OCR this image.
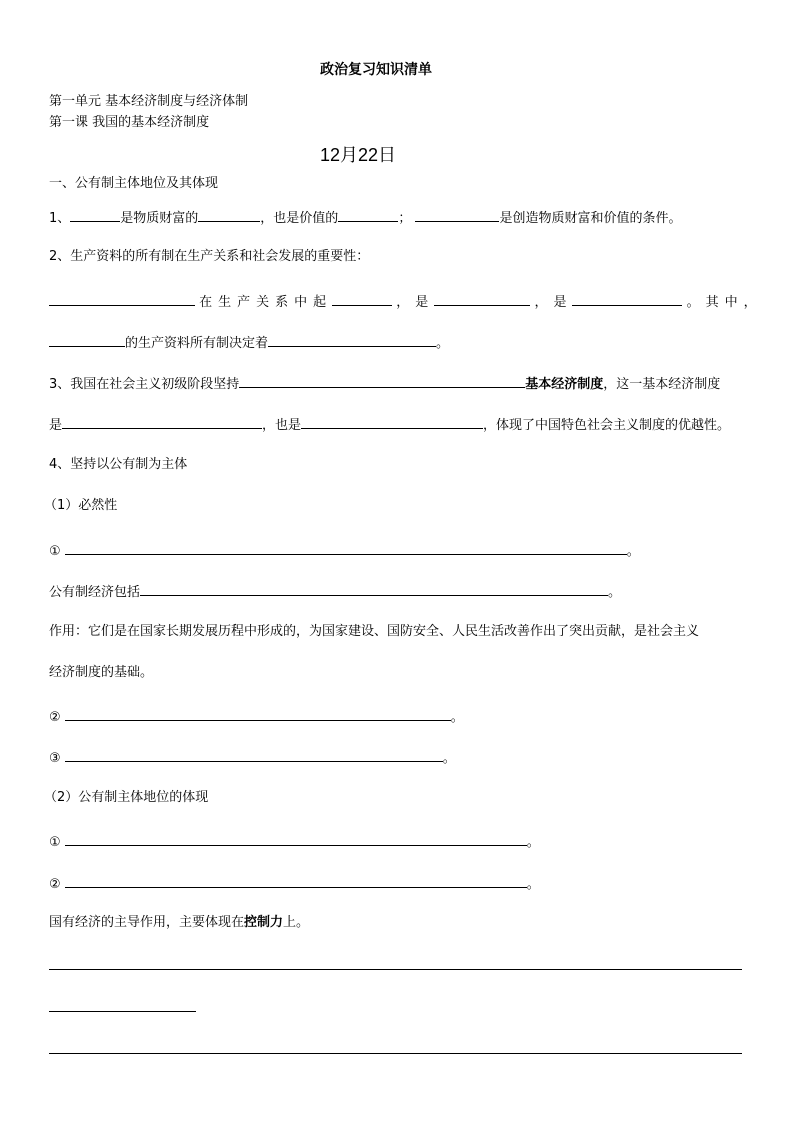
政治复习知识清单
第一单元 基本经济制度与经济体制
第一课 我国的基本经济制度
12月22日
一、公有制主体地位及其体现
1、	是物质财富的	，也是价值的	；	是创造物质财富和价值的条件。
2、生产资料的所有制在生产关系和社会发展的重要性：
在生产关系中起	，是	，是	。其中，
的生产资料所有制决定着	。
3、我国在社会主义初级阶段坚持	基本经济制度，这一基本经济制度
是	，也是	，体现了中国特色社会主义制度的优越性。
4、坚持以公有制为主体
（1）必然性
①	。
公有制经济包括	。
作用：它们是在国家长期发展历程中形成的，为国家建设、国防安全、人民生活改善作出了突出贡献，是社会主义
经济制度的基础。
②	。
③	。
（2）公有制主体地位的体现
①	。
②	。
国有经济的主导作用，主要体现在控制力上。
